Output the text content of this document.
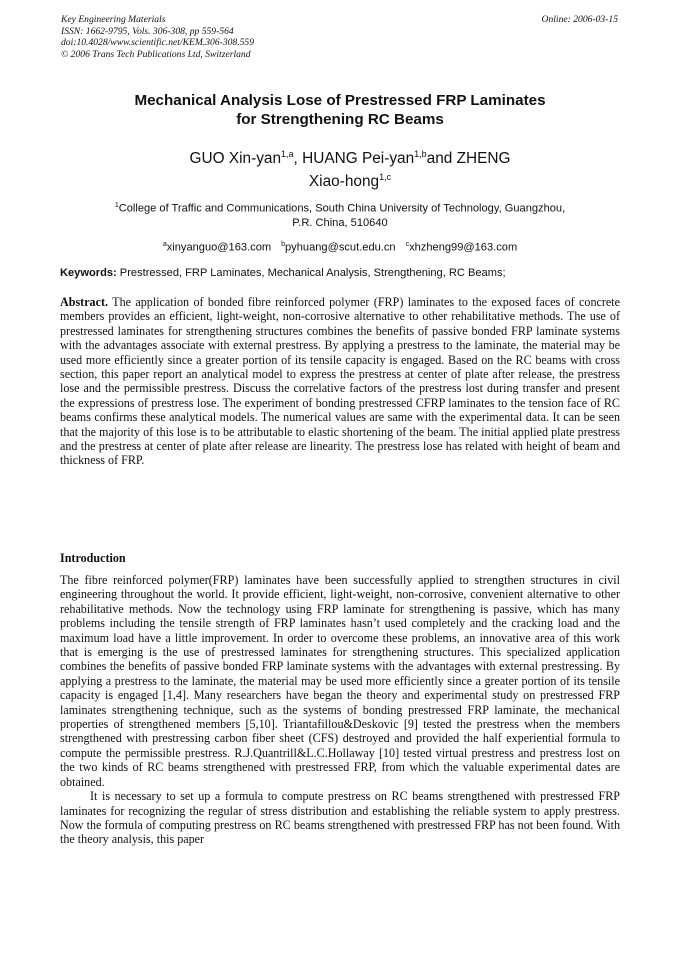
Key Engineering Materials
ISSN: 1662-9795, Vols. 306-308, pp 559-564
doi:10.4028/www.scientific.net/KEM.306-308.559
© 2006 Trans Tech Publications Ltd, Switzerland
Online: 2006-03-15
Mechanical Analysis Lose of Prestressed FRP Laminates
for Strengthening RC Beams
GUO Xin-yan$^{1,a}$, HUANG Pei-yan$^{1,b}$and ZHENG
Xiao-hong$^{1,c}$
$^1$College of Traffic and Communications, South China University of Technology, Guangzhou,
P.R. China, 510640
$^a$xinyanguo@163.com $^b$pyhuang@scut.edu.cn $^c$xhzheng99@163.com
Keywords: Prestressed, FRP Laminates, Mechanical Analysis, Strengthening, RC Beams;
Abstract. The application of bonded fibre reinforced polymer (FRP) laminates to the exposed faces of concrete members provides an efficient, light-weight, non-corrosive alternative to other rehabilitative methods. The use of prestressed laminates for strengthening structures combines the benefits of passive bonded FRP laminate systems with the advantages associate with external prestress. By applying a prestress to the laminate, the material may be used more efficiently since a greater portion of its tensile capacity is engaged. Based on the RC beams with cross section, this paper report an analytical model to express the prestress at center of plate after release, the prestress lose and the permissible prestress. Discuss the correlative factors of the prestress lost during transfer and present the expressions of prestress lose. The experiment of bonding prestressed CFRP laminates to the tension face of RC beams confirms these analytical models. The numerical values are same with the experimental data. It can be seen that the majority of this lose is to be attributable to elastic shortening of the beam. The initial applied plate prestress and the prestress at center of plate after release are linearity. The prestress lose has related with height of beam and thickness of FRP.
Introduction

The fibre reinforced polymer(FRP) laminates have been successfully applied to strengthen structures in civil engineering throughout the world. It provide efficient, light-weight, non-corrosive, convenient alternative to other rehabilitative methods. Now the technology using FRP laminate for strengthening is passive, which has many problems including the tensile strength of FRP laminates hasn’t used completely and the cracking load and the maximum load have a little improvement. In order to overcome these problems, an innovative area of this work that is emerging is the use of prestressed laminates for strengthening structures. This specialized application combines the benefits of passive bonded FRP laminate systems with the advantages with external prestressing. By applying a prestress to the laminate, the material may be used more efficiently since a greater portion of its tensile capacity is engaged [1,4]. Many researchers have began the theory and experimental study on prestressed FRP laminates strengthening technique, such as the systems of bonding prestressed FRP laminate, the mechanical properties of strengthened members [5,10]. Triantafillou&Deskovic [9] tested the prestress when the members strengthened with prestressing carbon fiber sheet (CFS) destroyed and provided the half experiential formula to compute the permissible prestress. R.J.Quantrill&L.C.Hollaway [10] tested virtual prestress and prestress lost on the two kinds of RC beams strengthened with prestressed FRP, from which the valuable experimental dates are obtained.

It is necessary to set up a formula to compute prestress on RC beams strengthened with prestressed FRP laminates for recognizing the regular of stress distribution and establishing the reliable system to apply prestress. Now the formula of computing prestress on RC beams strengthened with prestressed FRP has not been found. With the theory analysis, this paper
